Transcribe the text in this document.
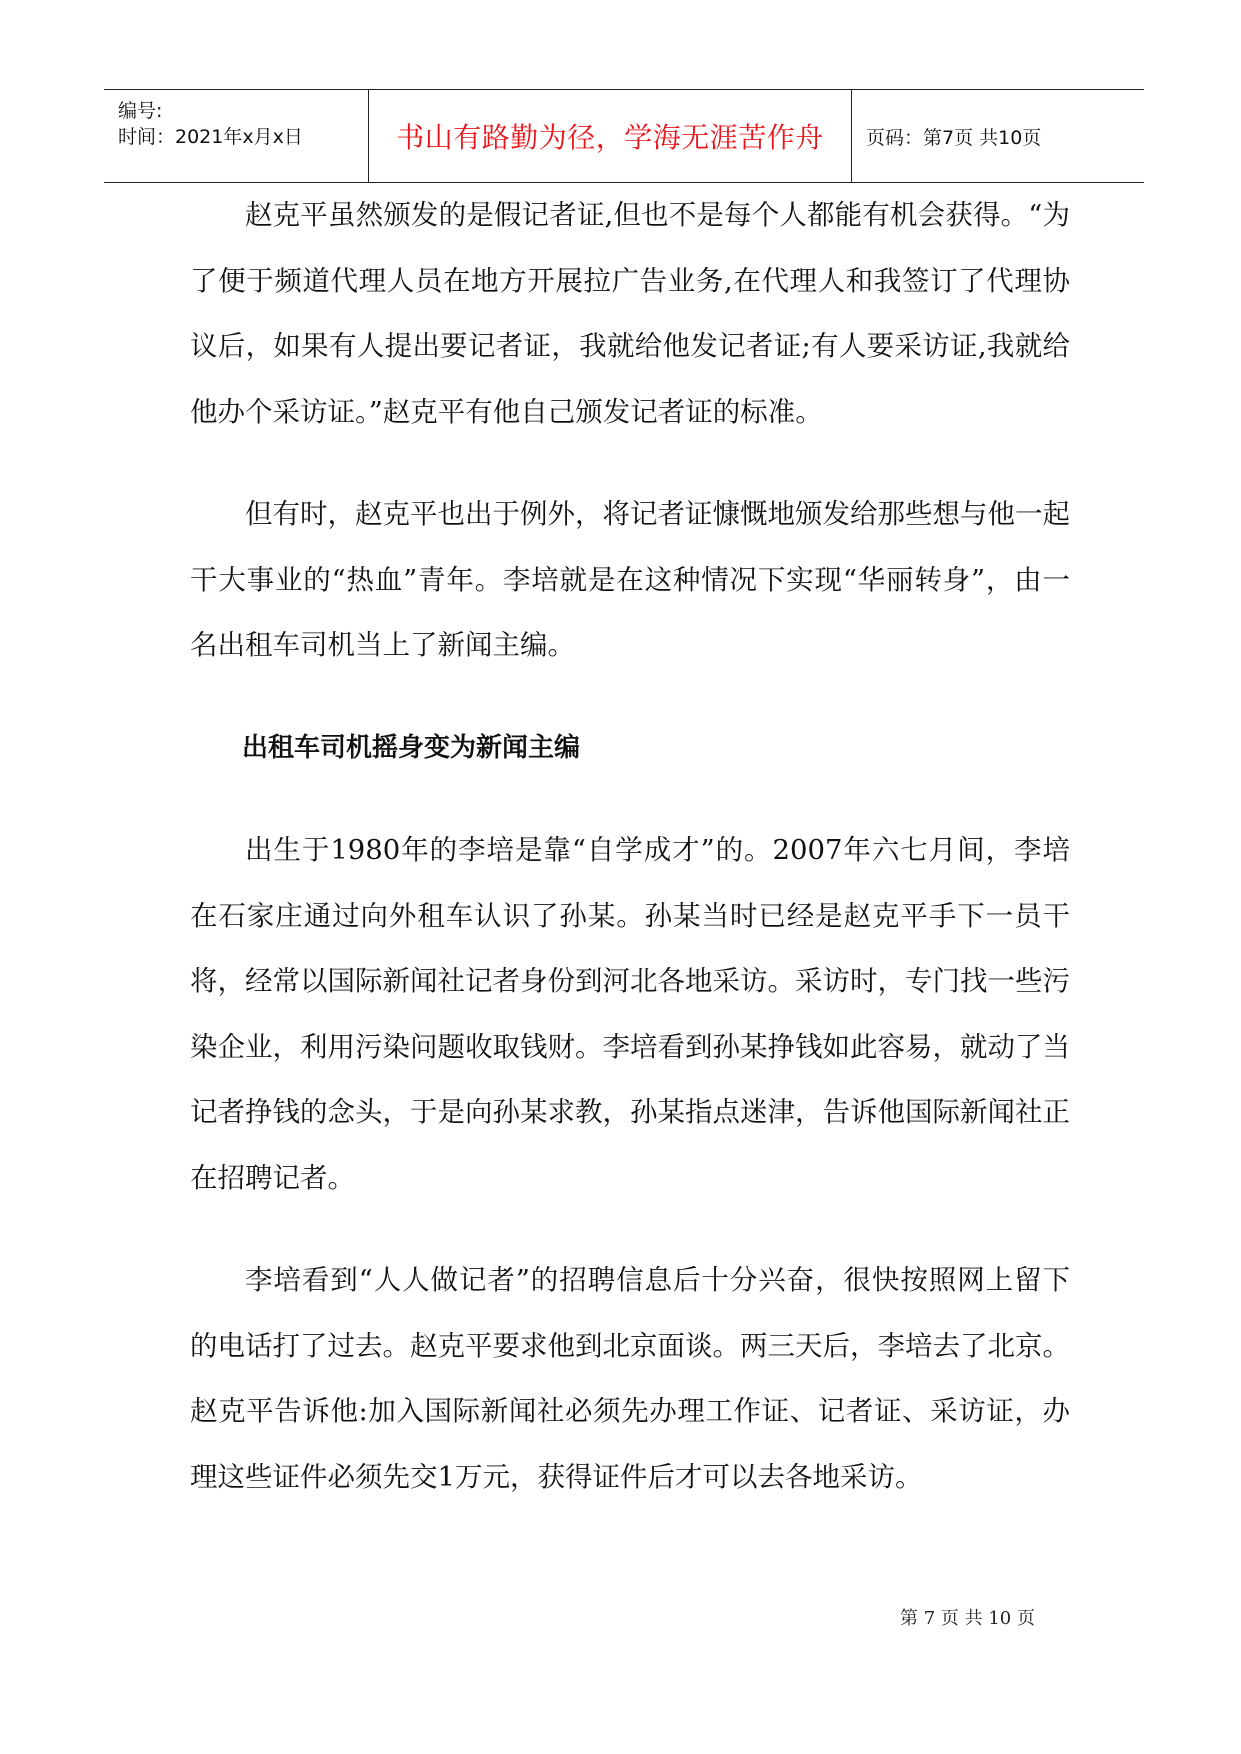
编号:
时间：2021年x月x日	书山有路勤为径，学海无涯苦作舟 页码：第7页 共10页

赵克平虽然颁发的是假记者证,但也不是每个人都能有机会获得。“为了便于频道代理人员在地方开展拉广告业务,在代理人和我签订了代理协议后，如果有人提出要记者证，我就给他发记者证;有人要采访证,我就给他办个采访证。”赵克平有他自己颁发记者证的标准。

但有时，赵克平也出于例外，将记者证慷慨地颁发给那些想与他一起干大事业的“热血”青年。李培就是在这种情况下实现“华丽转身”，由一名出租车司机当上了新闻主编。

出租车司机摇身变为新闻主编

出生于1980年的李培是靠“自学成才”的。2007年六七月间，李培在石家庄通过向外租车认识了孙某。孙某当时已经是赵克平手下一员干将，经常以国际新闻社记者身份到河北各地采访。采访时，专门找一些污染企业，利用污染问题收取钱财。李培看到孙某挣钱如此容易，就动了当记者挣钱的念头，于是向孙某求教，孙某指点迷津，告诉他国际新闻社正在招聘记者。

李培看到“人人做记者”的招聘信息后十分兴奋，很快按照网上留下的电话打了过去。赵克平要求他到北京面谈。两三天后，李培去了北京。赵克平告诉他:加入国际新闻社必须先办理工作证、记者证、采访证，办理这些证件必须先交1万元，获得证件后才可以去各地采访。

第 7 页 共 10 页
